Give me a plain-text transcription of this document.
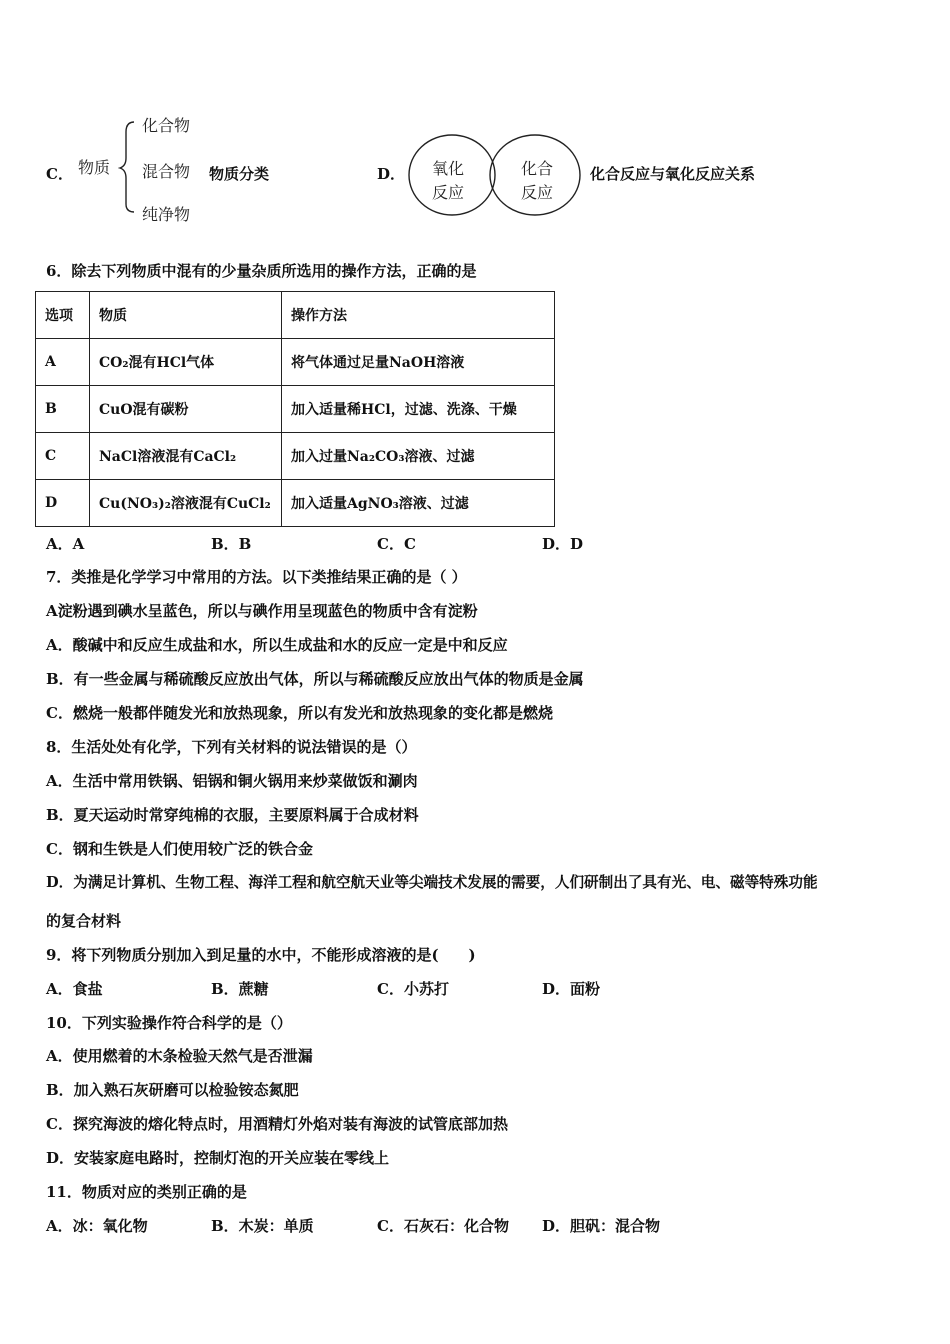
C． 物质
化合物
混合物
纯净物
物质分类	D． 氧化
反应
化合
反应
化合反应与氧化反应关系
6．除去下列物质中混有的少量杂质所选用的操作方法，正确的是
选项	物质	操作方法
A	CO₂混有HCl气体	将气体通过足量NaOH溶液
B	CuO混有碳粉	加入适量稀HCl，过滤、洗涤、干燥
C	NaCl溶液混有CaCl₂	加入过量Na₂CO₃溶液、过滤
D	Cu(NO₃)₂溶液混有CuCl₂	加入适量AgNO₃溶液、过滤
A．A	B．B	C．C	D．D
7．类推是化学学习中常用的方法。以下类推结果正确的是（ ）
A淀粉遇到碘水呈蓝色，所以与碘作用呈现蓝色的物质中含有淀粉
A．酸碱中和反应生成盐和水，所以生成盐和水的反应一定是中和反应
B．有一些金属与稀硫酸反应放出气体，所以与稀硫酸反应放出气体的物质是金属
C．燃烧一般都伴随发光和放热现象，所以有发光和放热现象的变化都是燃烧
8．生活处处有化学，下列有关材料的说法错误的是（）
A．生活中常用铁锅、铝锅和铜火锅用来炒菜做饭和涮肉
B．夏天运动时常穿纯棉的衣服，主要原料属于合成材料
C．钢和生铁是人们使用较广泛的铁合金
D．为满足计算机、生物工程、海洋工程和航空航天业等尖端技术发展的需要，人们研制出了具有光、电、磁等特殊功能
的复合材料
9．将下列物质分别加入到足量的水中，不能形成溶液的是(　　)
A．食盐	B．蔗糖	C．小苏打	D．面粉
10．下列实验操作符合科学的是（）
A．使用燃着的木条检验天然气是否泄漏
B．加入熟石灰研磨可以检验铵态氮肥
C．探究海波的熔化特点时，用酒精灯外焰对装有海波的试管底部加热
D．安装家庭电路时，控制灯泡的开关应装在零线上
11．物质对应的类别正确的是
A．冰：氧化物	B．木炭：单质	C．石灰石：化合物 D．胆矾：混合物
